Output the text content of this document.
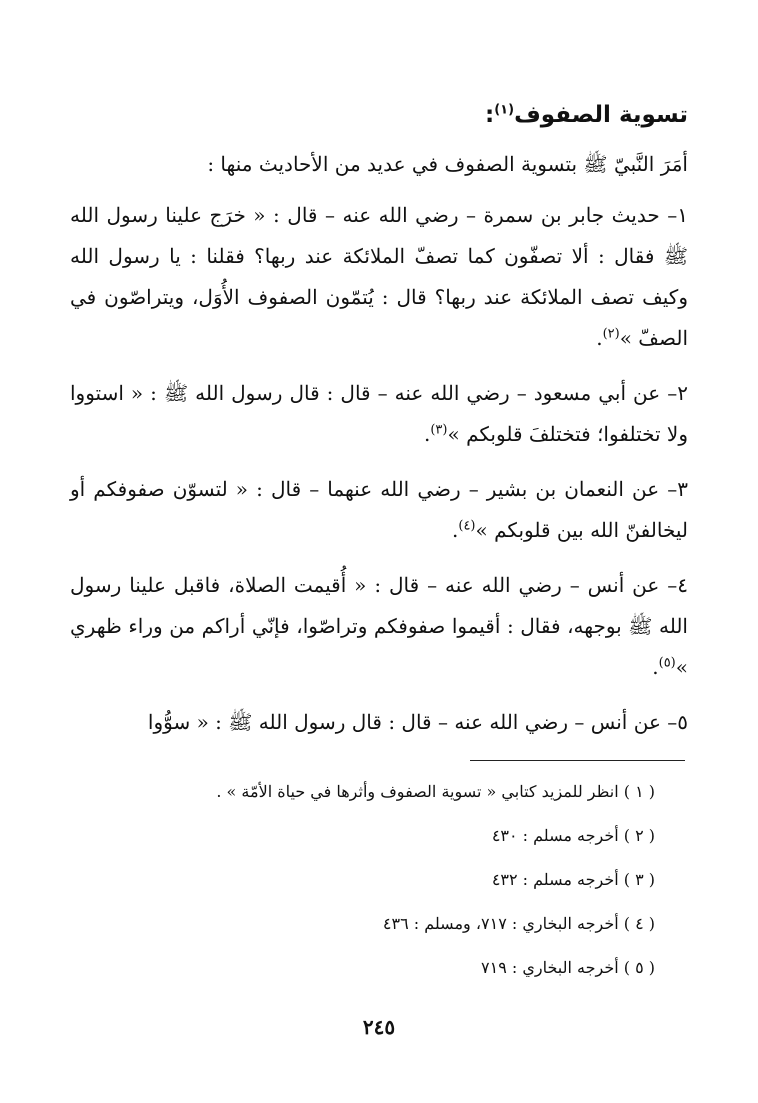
تسوية الصفوف$^{(١)}$:

أمَرَ النَّبيّ ﷺ بتسوية الصفوف في عديد من الأحاديث منها :

١– حديث جابر بن سمرة – رضي الله عنه – قال : « خرَج علينا رسول الله ﷺ فقال : ألا تصفّون كما تصفّ الملائكة عند ربها؟ فقلنا : يا رسول الله وكيف تصف الملائكة عند ربها؟ قال : يُتمّون الصفوف الأُوَل، ويتراصّون في الصفّ »$^{(٢)}$.

٢– عن أبي مسعود – رضي الله عنه – قال : قال رسول الله ﷺ : « استووا ولا تختلفوا؛ فتختلفَ قلوبكم »$^{(٣)}$.

٣– عن النعمان بن بشير – رضي الله عنهما – قال : « لتسوّن صفوفكم أو ليخالفنّ الله بين قلوبكم »$^{(٤)}$.

٤– عن أنس – رضي الله عنه – قال : « أُقيمت الصلاة، فاقبل علينا رسول الله ﷺ بوجهه، فقال : أقيموا صفوفكم وتراصّوا، فإنّي أراكم من وراء ظهري »$^{(٥)}$.

٥– عن أنس – رضي الله عنه – قال : قال رسول الله ﷺ : « سوُّوا

( ١ ) انظر للمزيد كتابي « تسوية الصفوف وأثرها في حياة الأمّة » .
( ٢ ) أخرجه مسلم : ٤٣٠
( ٣ ) أخرجه مسلم : ٤٣٢
( ٤ ) أخرجه البخاري : ٧١٧، ومسلم : ٤٣٦
( ٥ ) أخرجه البخاري : ٧١٩
٢٤٥
